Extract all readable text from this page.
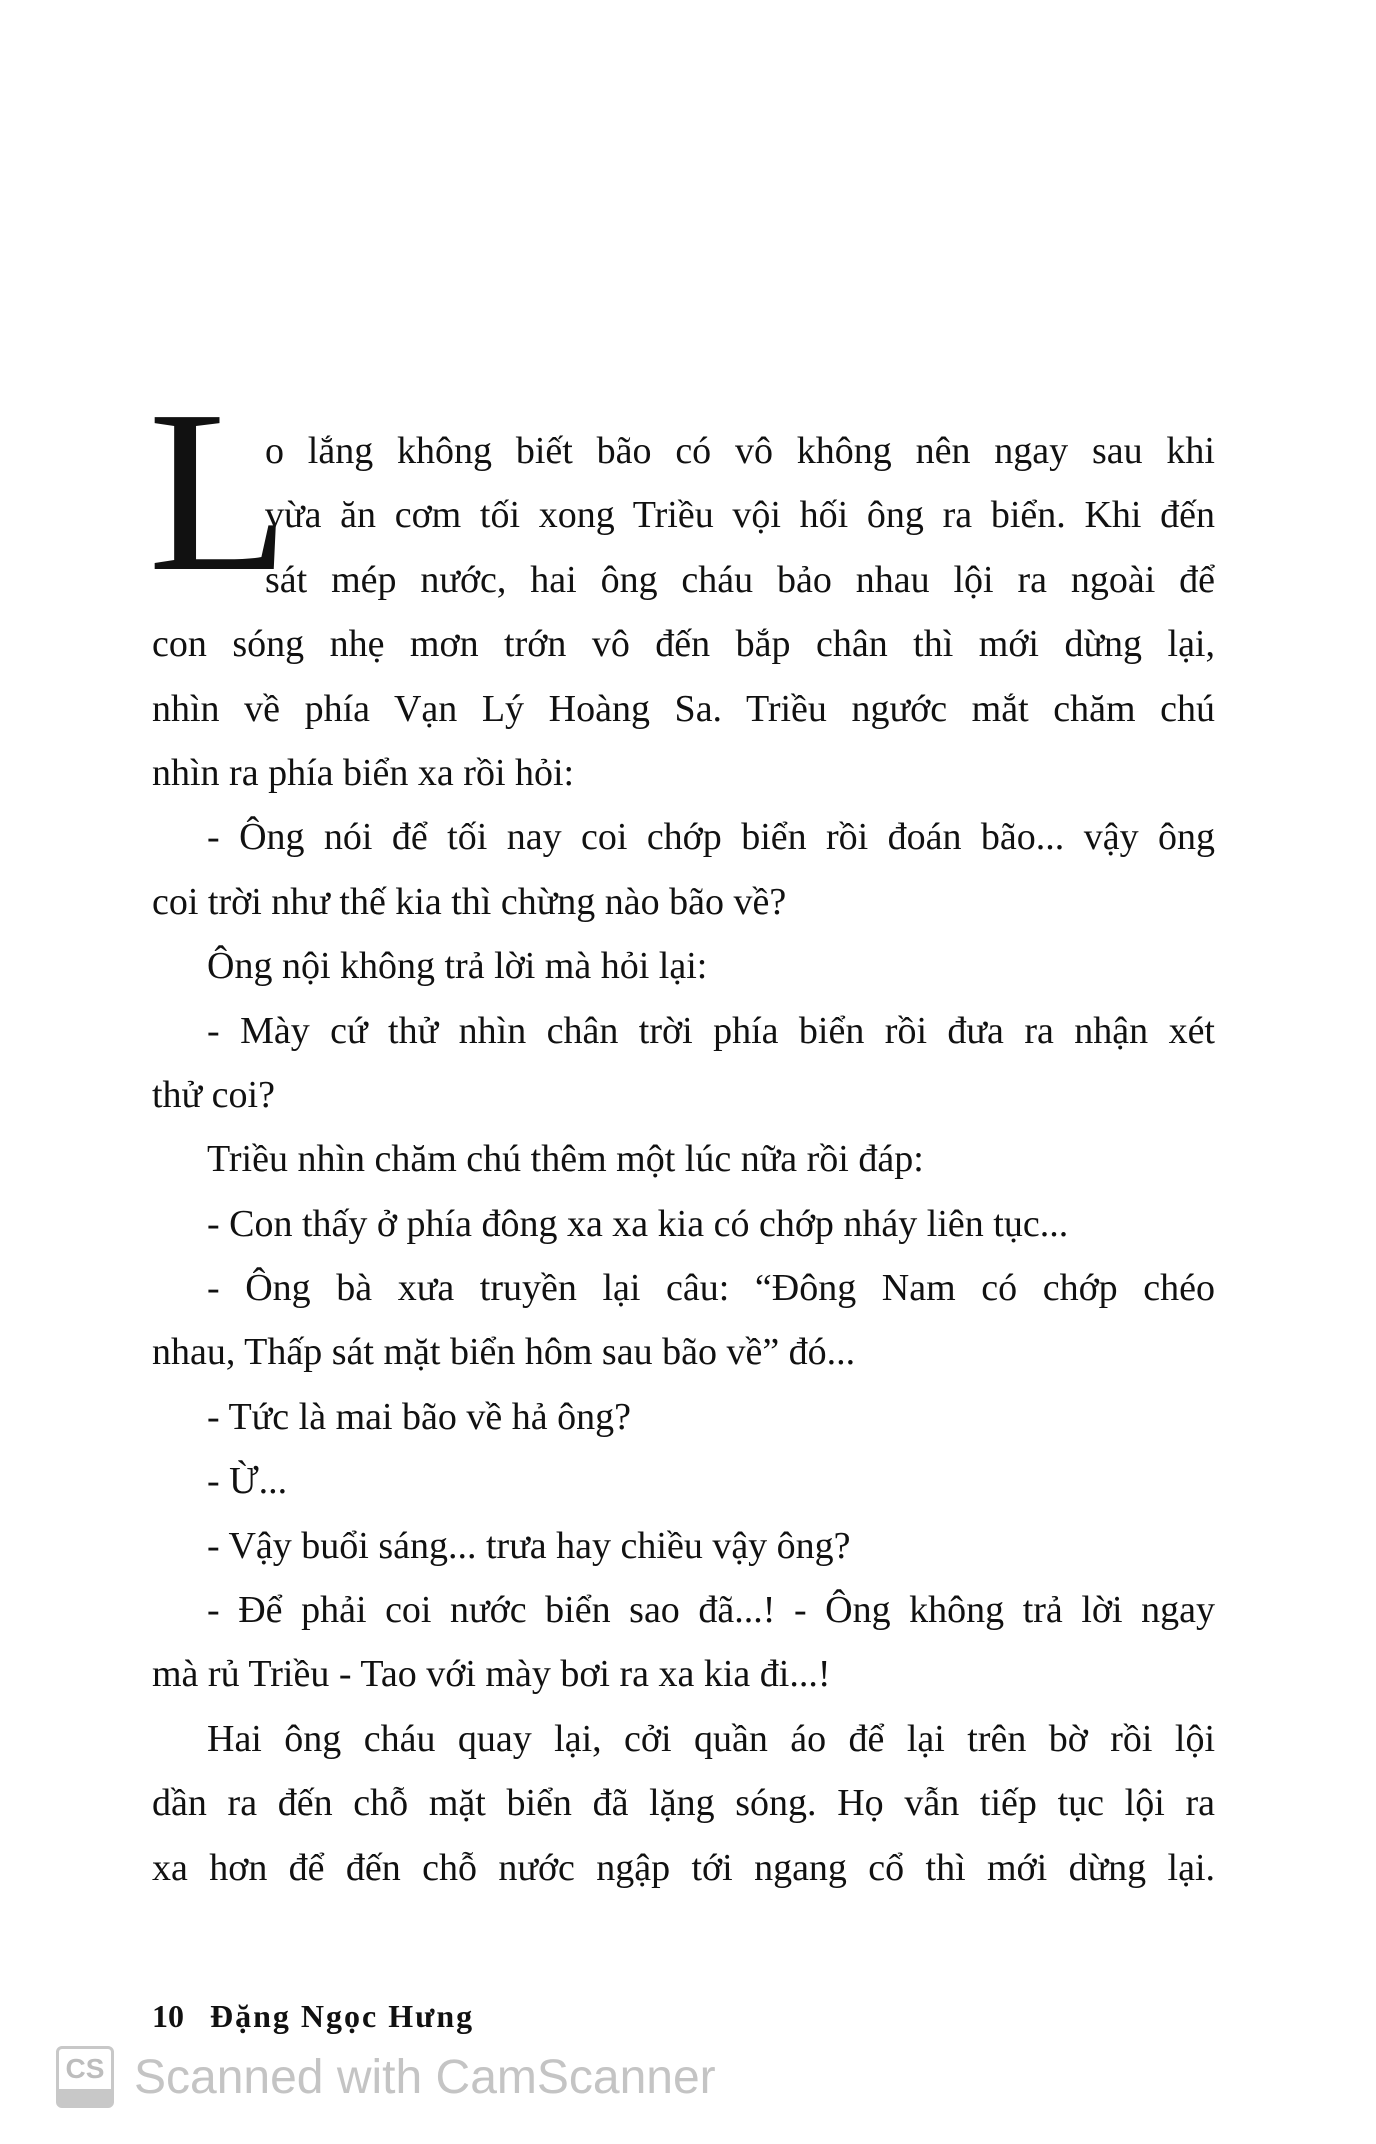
L
o lắng không biết bão có vô không nên ngay sau khi
vừa ăn cơm tối xong Triều vội hối ông ra biển. Khi đến
sát mép nước, hai ông cháu bảo nhau lội ra ngoài để
con sóng nhẹ mơn trớn vô đến bắp chân thì mới dừng lại,
nhìn về phía Vạn Lý Hoàng Sa. Triều ngước mắt chăm chú
nhìn ra phía biển xa rồi hỏi:
- Ông nói để tối nay coi chớp biển rồi đoán bão... vậy ông
coi trời như thế kia thì chừng nào bão về?
Ông nội không trả lời mà hỏi lại:
- Mày cứ thử nhìn chân trời phía biển rồi đưa ra nhận xét
thử coi?
Triều nhìn chăm chú thêm một lúc nữa rồi đáp:
- Con thấy ở phía đông xa xa kia có chớp nháy liên tục...
- Ông bà xưa truyền lại câu: “Đông Nam có chớp chéo
nhau, Thấp sát mặt biển hôm sau bão về” đó...
- Tức là mai bão về hả ông?
- Ừ...
- Vậy buổi sáng... trưa hay chiều vậy ông?
- Để phải coi nước biển sao đã...! - Ông không trả lời ngay
mà rủ Triều - Tao với mày bơi ra xa kia đi...!
Hai ông cháu quay lại, cởi quần áo để lại trên bờ rồi lội
dần ra đến chỗ mặt biển đã lặng sóng. Họ vẫn tiếp tục lội ra
xa hơn để đến chỗ nước ngập tới ngang cổ thì mới dừng lại.
10 Đặng Ngọc Hưng
CS Scanned with CamScanner
